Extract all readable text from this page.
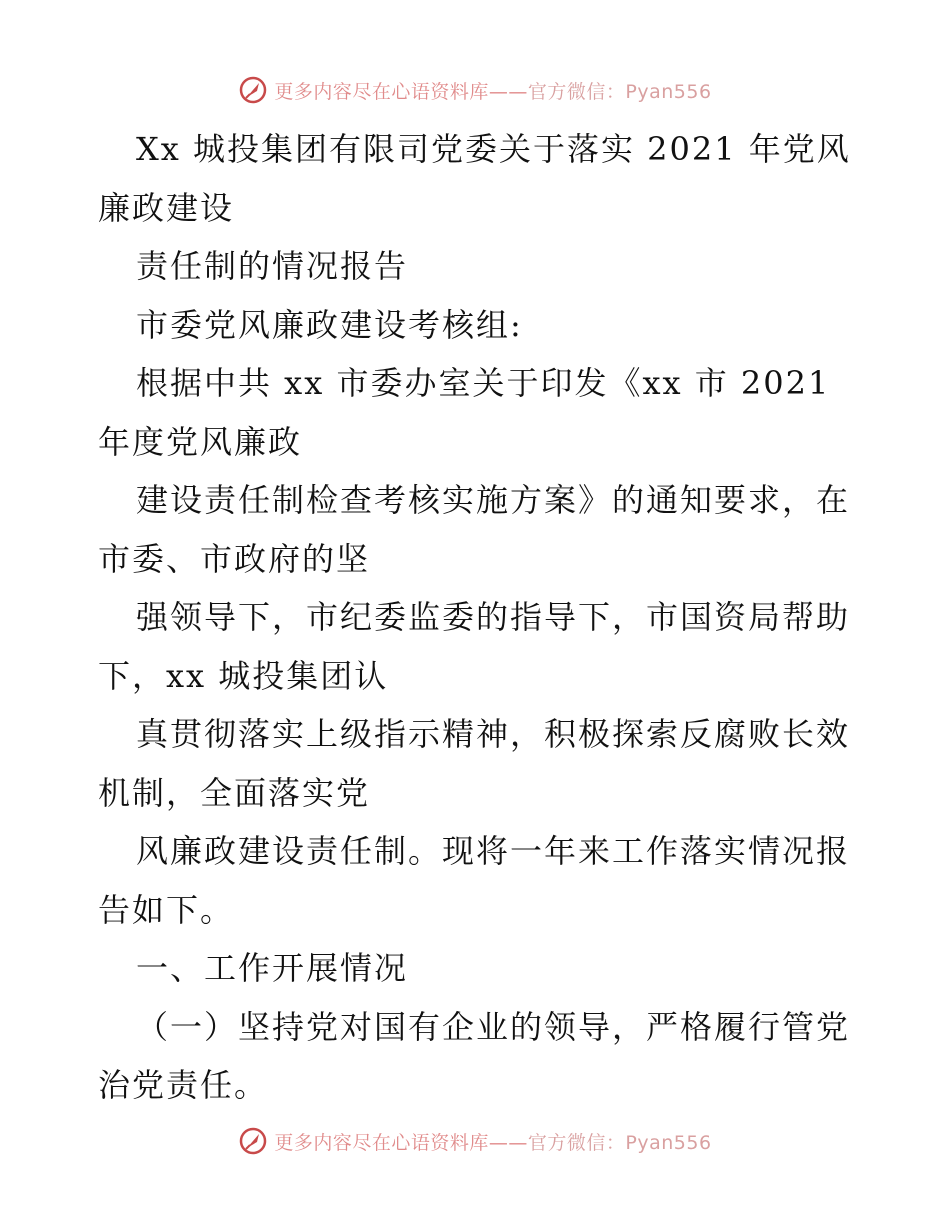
更多内容尽在心语资料库——官方微信：Pyan556
Xx 城投集团有限司党委关于落实 2021 年党风
廉政建设
责任制的情况报告
市委党风廉政建设考核组:
根据中共 xx 市委办室关于印发《xx 市 2021
年度党风廉政
建设责任制检查考核实施方案》的通知要求，在
市委、市政府的坚
强领导下，市纪委监委的指导下，市国资局帮助
下，xx 城投集团认
真贯彻落实上级指示精神，积极探索反腐败长效
机制，全面落实党
风廉政建设责任制。现将一年来工作落实情况报
告如下。
一、工作开展情况
（一）坚持党对国有企业的领导，严格履行管党
治党责任。
更多内容尽在心语资料库——官方微信：Pyan556
